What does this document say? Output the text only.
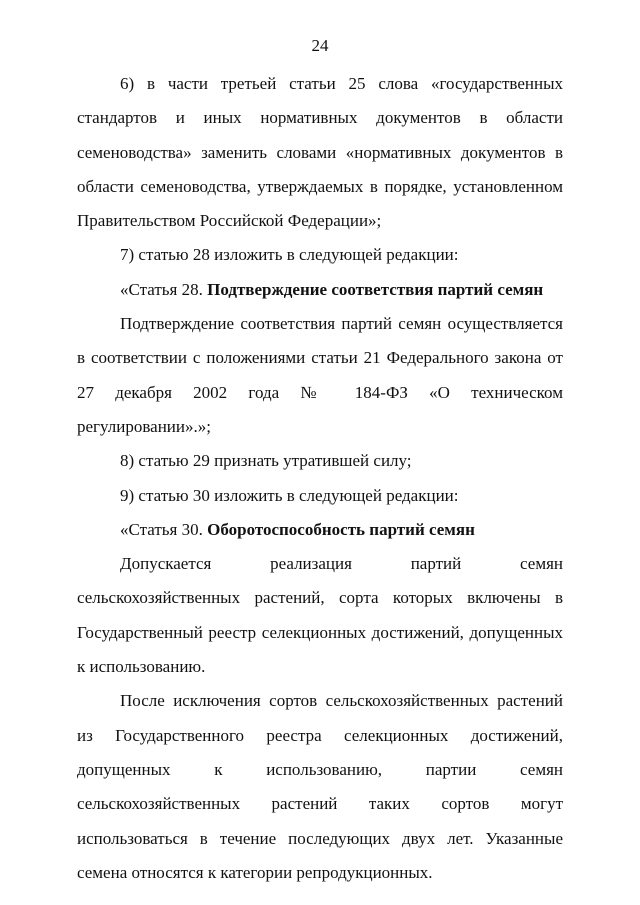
24

6) в части третьей статьи 25 слова «государственных стандартов и иных нормативных документов в области семеноводства» заменить словами «нормативных документов в области семеноводства, утверждаемых в порядке, установленном Правительством Российской Федерации»;

7) статью 28 изложить в следующей редакции:

«Статья 28. Подтверждение соответствия партий семян

Подтверждение соответствия партий семян осуществляется в соответствии с положениями статьи 21 Федерального закона от 27 декабря 2002 года № 184-ФЗ «О техническом регулировании».»;

8) статью 29 признать утратившей силу;

9) статью 30 изложить в следующей редакции:

«Статья 30. Оборотоспособность партий семян

Допускается реализация партий семян сельскохозяйственных растений, сорта которых включены в Государственный реестр селекционных достижений, допущенных к использованию.

После исключения сортов сельскохозяйственных растений из Государственного реестра селекционных достижений, допущенных к использованию, партии семян сельскохозяйственных растений таких сортов могут использоваться в течение последующих двух лет. Указанные семена относятся к категории репродукционных.
